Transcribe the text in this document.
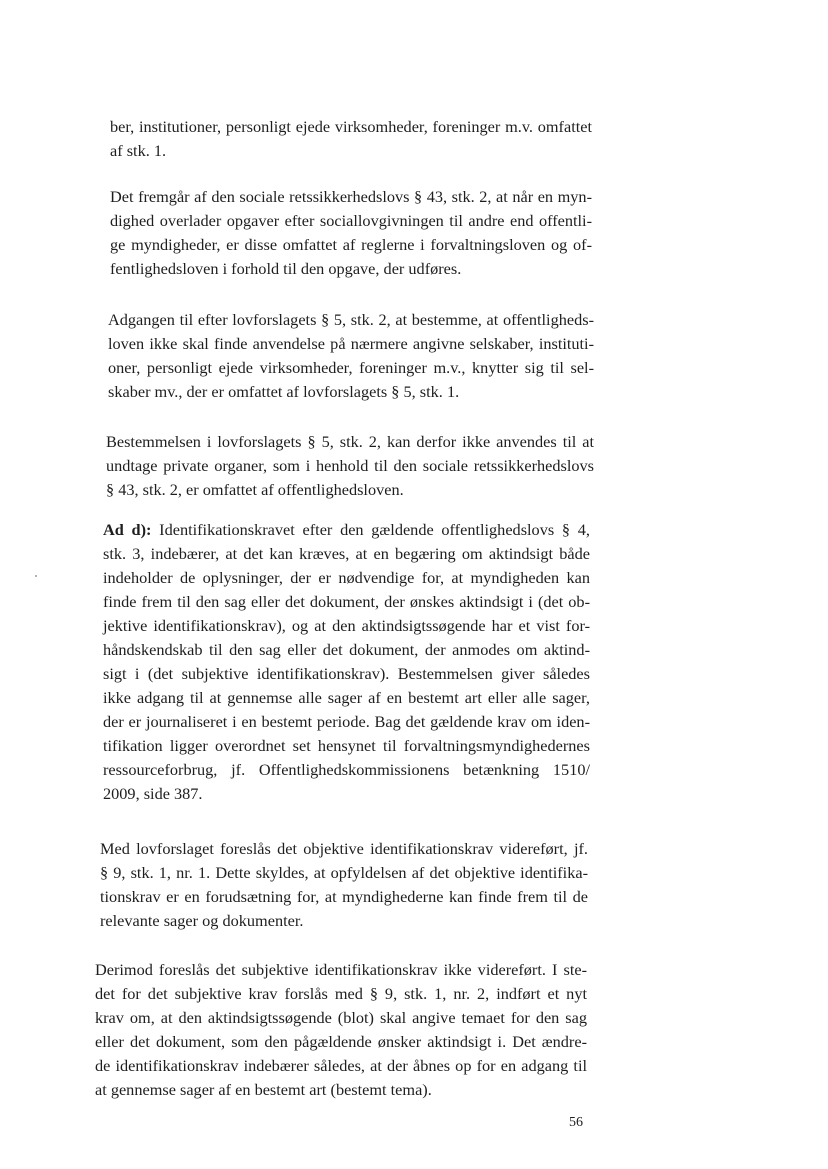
ber, institutioner, personligt ejede virksomheder, foreninger m.v. omfattet
af stk. 1.

Det fremgår af den sociale retssikkerhedslovs § 43, stk. 2, at når en myn-
dighed overlader opgaver efter sociallovgivningen til andre end offentli-
ge myndigheder, er disse omfattet af reglerne i forvaltningsloven og of-
fentlighedsloven i forhold til den opgave, der udføres.

Adgangen til efter lovforslagets § 5, stk. 2, at bestemme, at offentligheds-
loven ikke skal finde anvendelse på nærmere angivne selskaber, instituti-
oner, personligt ejede virksomheder, foreninger m.v., knytter sig til sel-
skaber mv., der er omfattet af lovforslagets § 5, stk. 1.

Bestemmelsen i lovforslagets § 5, stk. 2, kan derfor ikke anvendes til at
undtage private organer, som i henhold til den sociale retssikkerhedslovs
§ 43, stk. 2, er omfattet af offentlighedsloven.

Ad d): Identifikationskravet efter den gældende offentlighedslovs § 4,
stk. 3, indebærer, at det kan kræves, at en begæring om aktindsigt både
indeholder de oplysninger, der er nødvendige for, at myndigheden kan
finde frem til den sag eller det dokument, der ønskes aktindsigt i (det ob-
jektive identifikationskrav), og at den aktindsigtssøgende har et vist for-
håndskendskab til den sag eller det dokument, der anmodes om aktind-
sigt i (det subjektive identifikationskrav). Bestemmelsen giver således
ikke adgang til at gennemse alle sager af en bestemt art eller alle sager,
der er journaliseret i en bestemt periode. Bag det gældende krav om iden-
tifikation ligger overordnet set hensynet til forvaltningsmyndighedernes
ressourceforbrug, jf. Offentlighedskommissionens betænkning 1510/
2009, side 387.

Med lovforslaget foreslås det objektive identifikationskrav videreført, jf.
§ 9, stk. 1, nr. 1. Dette skyldes, at opfyldelsen af det objektive identifika-
tionskrav er en forudsætning for, at myndighederne kan finde frem til de
relevante sager og dokumenter.

Derimod foreslås det subjektive identifikationskrav ikke videreført. I ste-
det for det subjektive krav forslås med § 9, stk. 1, nr. 2, indført et nyt
krav om, at den aktindsigtssøgende (blot) skal angive temaet for den sag
eller det dokument, som den pågældende ønsker aktindsigt i. Det ændre-
de identifikationskrav indebærer således, at der åbnes op for en adgang til
at gennemse sager af en bestemt art (bestemt tema).

56
